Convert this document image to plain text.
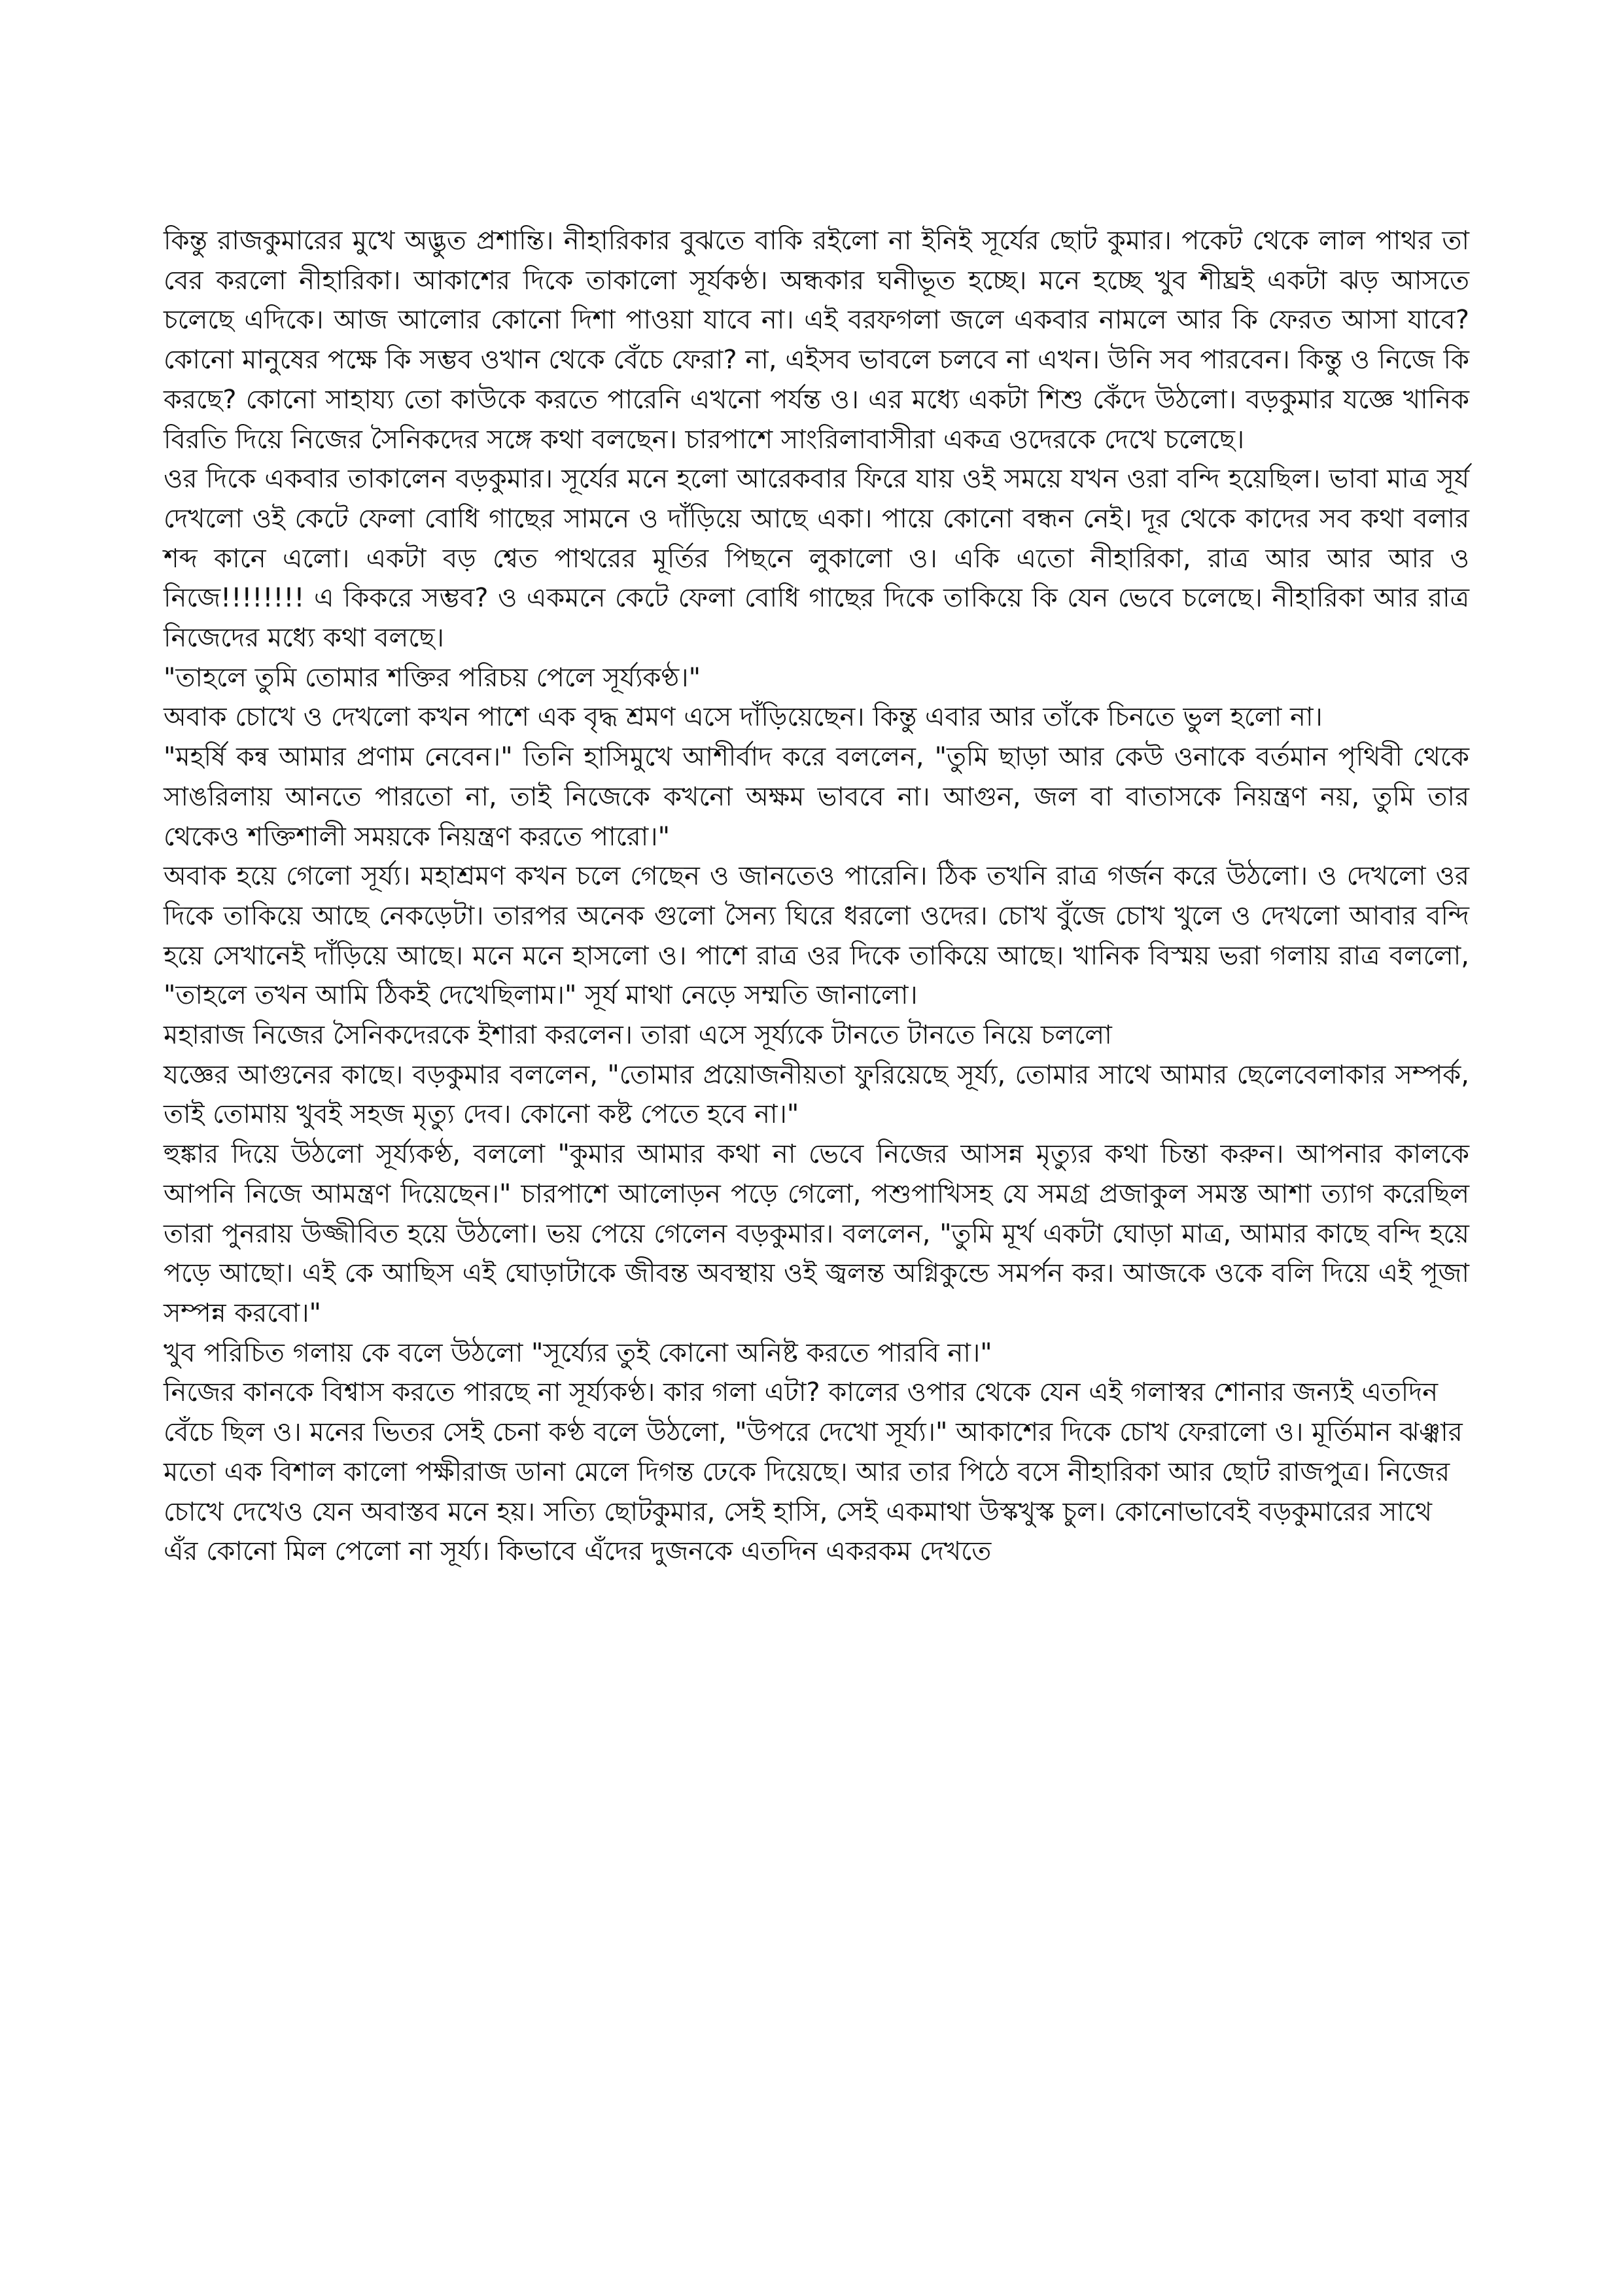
কিন্তু রাজকুমারের মুখে অদ্ভুত প্রশান্তি। নীহারিকার বুঝতে বাকি রইলো না ইনিই সূর্যের ছোট কুমার। পকেট থেকে লাল পাথর তা বের করলো নীহারিকা। আকাশের দিকে তাকালো সূর্যকণ্ঠ। অন্ধকার ঘনীভূত হচ্ছে। মনে হচ্ছে খুব শীঘ্রই একটা ঝড় আসতে চলেছে এদিকে। আজ আলোর কোনো দিশা পাওয়া যাবে না। এই বরফগলা জলে একবার নামলে আর কি ফেরত আসা যাবে? কোনো মানুষের পক্ষে কি সম্ভব ওখান থেকে বেঁচে ফেরা? না, এইসব ভাবলে চলবে না এখন। উনি সব পারবেন। কিন্তু ও নিজে কি করছে? কোনো সাহায্য তো কাউকে করতে পারেনি এখনো পর্যন্ত ও। এর মধ্যে একটা শিশু কেঁদে উঠলো। বড়কুমার যজ্ঞে খানিক বিরতি দিয়ে নিজের সৈনিকদের সঙ্গে কথা বলছেন। চারপাশে সাংরিলাবাসীরা একত্র ওদেরকে দেখে চলেছে।

ওর দিকে একবার তাকালেন বড়কুমার। সূর্যের মনে হলো আরেকবার ফিরে যায় ওই সময়ে যখন ওরা বন্দি হয়েছিল। ভাবা মাত্র সূর্য দেখলো ওই কেটে ফেলা বোধি গাছের সামনে ও দাঁড়িয়ে আছে একা। পায়ে কোনো বন্ধন নেই। দূর থেকে কাদের সব কথা বলার শব্দ কানে এলো। একটা বড় শ্বেত পাথরের মূর্তির পিছনে লুকালো ও। একি এতো নীহারিকা, রাত্র আর আর আর ও নিজে!!!!!!!! এ কিকরে সম্ভব? ও একমনে কেটে ফেলা বোধি গাছের দিকে তাকিয়ে কি যেন ভেবে চলেছে। নীহারিকা আর রাত্র নিজেদের মধ্যে কথা বলছে।

"তাহলে তুমি তোমার শক্তির পরিচয় পেলে সূর্য্যকণ্ঠ।"

অবাক চোখে ও দেখলো কখন পাশে এক বৃদ্ধ শ্রমণ এসে দাঁড়িয়েছেন। কিন্তু এবার আর তাঁকে চিনতে ভুল হলো না।

"মহর্ষি কন্ব আমার প্রণাম নেবেন।" তিনি হাসিমুখে আশীর্বাদ করে বললেন, "তুমি ছাড়া আর কেউ ওনাকে বর্তমান পৃথিবী থেকে সাঙরিলায় আনতে পারতো না, তাই নিজেকে কখনো অক্ষম ভাববে না। আগুন, জল বা বাতাসকে নিয়ন্ত্রণ নয়, তুমি তার থেকেও শক্তিশালী সময়কে নিয়ন্ত্রণ করতে পারো।"

অবাক হয়ে গেলো সূর্য্য। মহাশ্রমণ কখন চলে গেছেন ও জানতেও পারেনি। ঠিক তখনি রাত্র গর্জন করে উঠলো। ও দেখলো ওর দিকে তাকিয়ে আছে নেকড়েটা। তারপর অনেক গুলো সৈন্য ঘিরে ধরলো ওদের। চোখ বুঁজে চোখ খুলে ও দেখলো আবার বন্দি হয়ে সেখানেই দাঁড়িয়ে আছে। মনে মনে হাসলো ও। পাশে রাত্র ওর দিকে তাকিয়ে আছে। খানিক বিস্ময় ভরা গলায় রাত্র বললো, "তাহলে তখন আমি ঠিকই দেখেছিলাম।" সূর্য মাথা নেড়ে সম্মতি জানালো।

মহারাজ নিজের সৈনিকদেরকে ইশারা করলেন। তারা এসে সূর্য্যকে টানতে টানতে নিয়ে চললো

যজ্ঞের আগুনের কাছে। বড়কুমার বললেন, "তোমার প্রয়োজনীয়তা ফুরিয়েছে সূর্য্য, তোমার সাথে আমার ছেলেবেলাকার সম্পর্ক, তাই তোমায় খুবই সহজ মৃত্যু দেব। কোনো কষ্ট পেতে হবে না।"

হুঙ্কার দিয়ে উঠলো সূর্য্যকণ্ঠ, বললো "কুমার আমার কথা না ভেবে নিজের আসন্ন মৃত্যুর কথা চিন্তা করুন। আপনার কালকে আপনি নিজে আমন্ত্রণ দিয়েছেন।" চারপাশে আলোড়ন পড়ে গেলো, পশুপাখিসহ যে সমগ্র প্রজাকুল সমস্ত আশা ত্যাগ করেছিল তারা পুনরায় উজ্জীবিত হয়ে উঠলো। ভয় পেয়ে গেলেন বড়কুমার। বললেন, "তুমি মূর্খ একটা ঘোড়া মাত্র, আমার কাছে বন্দি হয়ে পড়ে আছো। এই কে আছিস এই ঘোড়াটাকে জীবন্ত অবস্থায় ওই জ্বলন্ত অগ্নিকুন্ডে সমর্পন কর। আজকে ওকে বলি দিয়ে এই পূজা সম্পন্ন করবো।"

খুব পরিচিত গলায় কে বলে উঠলো "সূর্য্যের তুই কোনো অনিষ্ট করতে পারবি না।"

নিজের কানকে বিশ্বাস করতে পারছে না সূর্য্যকণ্ঠ। কার গলা এটা? কালের ওপার থেকে যেন এই গলাস্বর শোনার জন্যই এতদিন বেঁচে ছিল ও। মনের ভিতর সেই চেনা কণ্ঠ বলে উঠলো, "উপরে দেখো সূর্য্য।" আকাশের দিকে চোখ ফেরালো ও। মূর্তিমান ঝঞ্ঝার মতো এক বিশাল কালো পক্ষীরাজ ডানা মেলে দিগন্ত ঢেকে দিয়েছে। আর তার পিঠে বসে নীহারিকা আর ছোট রাজপুত্র। নিজের চোখে দেখেও যেন অবাস্তব মনে হয়। সত্যি ছোটকুমার, সেই হাসি, সেই একমাথা উস্কখুস্ক চুল। কোনোভাবেই বড়কুমারের সাথে এঁর কোনো মিল পেলো না সূর্য্য। কিভাবে এঁদের দুজনকে এতদিন একরকম দেখতে
